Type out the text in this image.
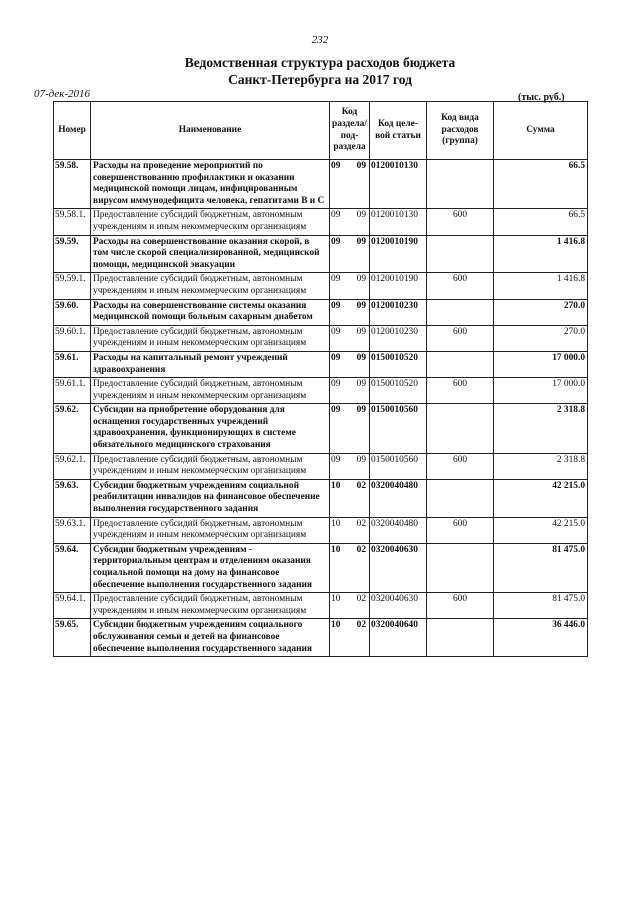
232
Ведомственная структура расходов бюджета
Санкт-Петербурга на 2017 год
07-дек-2016	(тыс. руб.)
Номер	Наименование	Код раздела/ под- раздела	Код целе- вой статьи	Код вида расходов (группа)	Сумма
59.58.	Расходы на проведение мероприятий по совершенствованию профилактики и оказании медицинской помощи лицам, инфицированным вирусом иммунодефицита человека, гепатитами В и С	09 09	0120010130		66.5
59.58.1.	Предоставление субсидий бюджетным, автономным учреждениям и иным некоммерческим организациям	09 09	0120010130	600	66.5
59.59.	Расходы на совершенствование оказания скорой, в том числе скорой специализированной, медицинской помощи, медицинской эвакуации	09 09	0120010190		1 416.8
59.59.1.	Предоставление субсидий бюджетным, автономным учреждениям и иным некоммерческим организациям	09 09	0120010190	600	1 416.8
59.60.	Расходы на совершенствование системы оказания медицинской помощи больным сахарным диабетом	09 09	0120010230		270.0
59.60.1.	Предоставление субсидий бюджетным, автономным учреждениям и иным некоммерческим организациям	09 09	0120010230	600	270.0
59.61.	Расходы на капитальный ремонт учреждений здравоохранения	09 09	0150010520		17 000.0
59.61.1.	Предоставление субсидий бюджетным, автономным учреждениям и иным некоммерческим организациям	09 09	0150010520	600	17 000.0
59.62.	Субсидии на приобретение оборудования для оснащения государственных учреждений здравоохранения, функционирующих в системе обязательного медицинского страхования	09 09	0150010560		2 318.8
59.62.1.	Предоставление субсидий бюджетным, автономным учреждениям и иным некоммерческим организациям	09 09	0150010560	600	2 318.8
59.63.	Субсидии бюджетным учреждениям социальной реабилитации инвалидов на финансовое обеспечение выполнения государственного задания	10 02	0320040480		42 215.0
59.63.1.	Предоставление субсидий бюджетным, автономным учреждениям и иным некоммерческим организациям	10 02	0320040480	600	42 215.0
59.64.	Субсидии бюджетным учреждениям - территориальным центрам и отделениям оказания социальной помощи на дому на финансовое обеспечение выполнения государственного задания	10 02	0320040630		81 475.0
59.64.1.	Предоставление субсидий бюджетным, автономным учреждениям и иным некоммерческим организациям	10 02	0320040630	600	81 475.0
59.65.	Субсидии бюджетным учреждениям социального обслуживания семьи и детей на финансовое обеспечение выполнения государственного задания	10 02	0320040640		36 446.0
